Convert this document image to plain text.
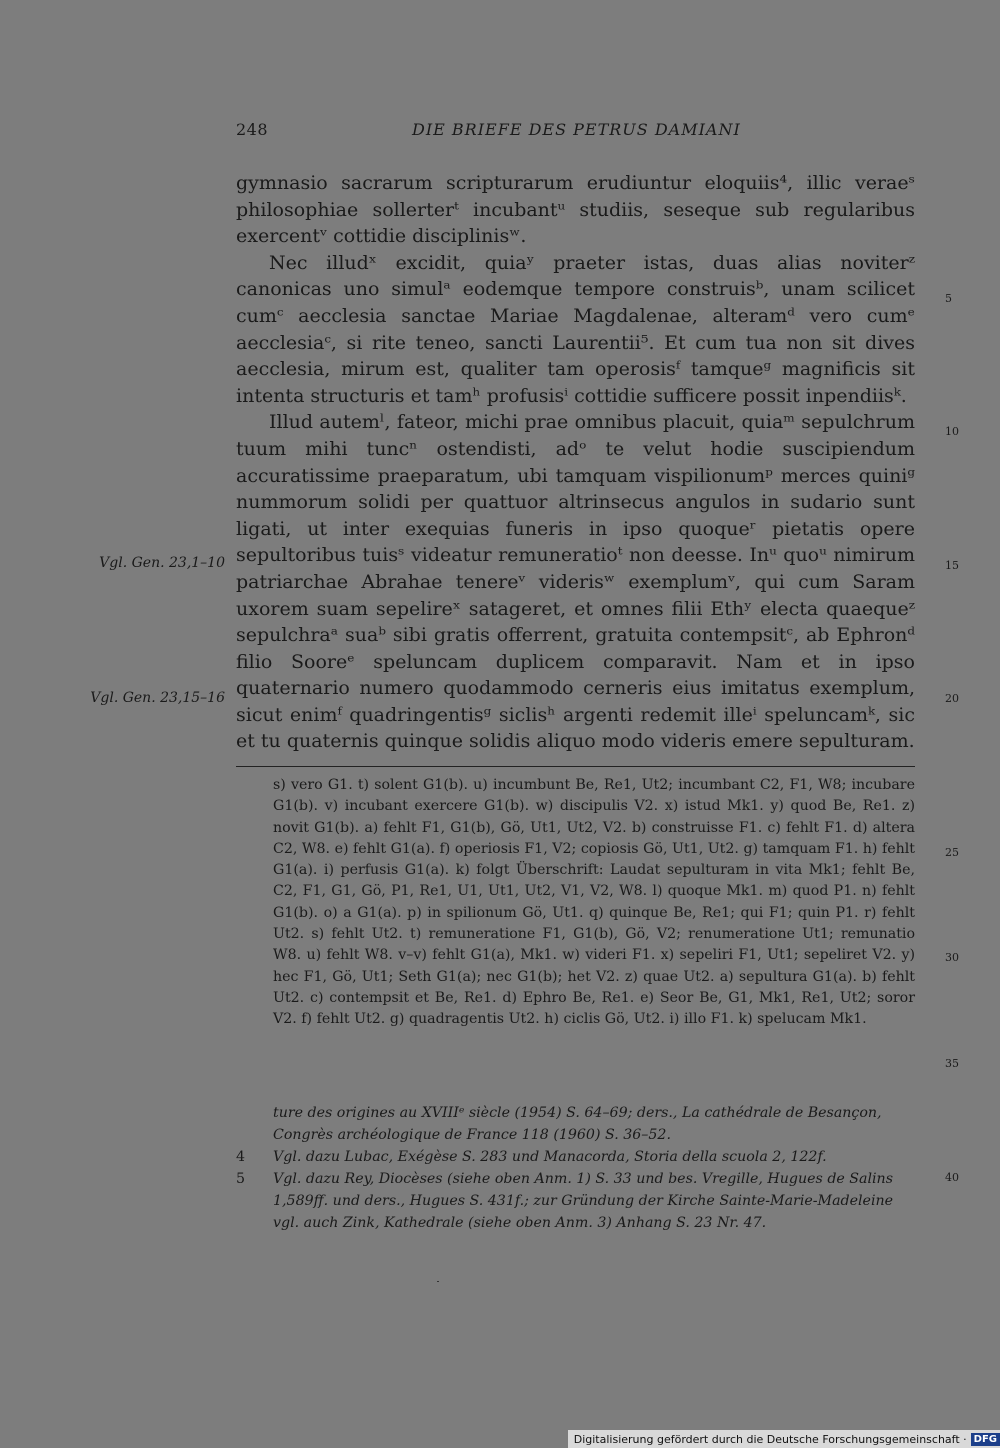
248	DIE BRIEFE DES PETRUS DAMIANI

gymnasio sacrarum scripturarum erudiuntur eloquiis⁴, illic veraeˢ philosophiae sollerterᵗ incubantᵘ studiis, seseque sub regularibus exercentᵛ cottidie disciplinisʷ.

Nec illudˣ excidit, quiaʸ praeter istas, duas alias noviterᶻ canonicas uno simulᵃ eodemque tempore construisᵇ, unam scilicet cumᶜ aecclesia sanctae Mariae Magdalenae, alteramᵈ vero cumᵉ aecclesiaᶜ, si rite teneo, sancti Laurentii⁵. Et cum tua non sit dives aecclesia, mirum est, qualiter tam operosisᶠ tamqueᵍ magnificis sit intenta structuris et tamʰ profusisⁱ cottidie sufficere possit inpendiisᵏ.

Illud autemˡ, fateor, michi prae omnibus placuit, quiaᵐ sepulchrum tuum mihi tuncⁿ ostendisti, adᵒ te velut hodie suscipiendum accuratissime praeparatum, ubi tamquam vispilionumᵖ merces quiniᵍ nummorum solidi per quattuor altrinsecus angulos in sudario sunt ligati, ut inter exequias funeris in ipso quoqueʳ pietatis opere sepultoribus tuisˢ videatur remuneratioᵗ non deesse. Inᵘ quoᵘ nimirum patriarchae Abrahae tenereᵛ viderisʷ exemplumᵛ, qui cum Saram uxorem suam sepelireˣ satageret, et omnes filii Ethʸ electa quaequeᶻ sepulchraᵃ suaᵇ sibi gratis offerrent, gratuita contempsitᶜ, ab Ephronᵈ filio Sooreᵉ speluncam duplicem comparavit. Nam et in ipso quaternario numero quodammodo cerneris eius imitatus exemplum, sicut enimᶠ quadringentisᵍ siclisʰ argenti redemit illeⁱ speluncamᵏ, sic et tu quaternis quinque solidis aliquo modo videris emere sepulturam.

Vgl. Gen. 23,1–10
Vgl. Gen. 23,15–16
5
10
15
20
s) vero G1. t) solent G1(b). u) incumbunt Be, Re1, Ut2; incumbant C2, F1, W8; incubare G1(b). v) incubant exercere G1(b). w) discipulis V2. x) istud Mk1. y) quod Be, Re1. z) novit G1(b). a) fehlt F1, G1(b), Gö, Ut1, Ut2, V2. b) construisse F1. c) fehlt F1. d) altera C2, W8. e) fehlt G1(a). f) operiosis F1, V2; copiosis Gö, Ut1, Ut2. g) tamquam F1. h) fehlt G1(a). i) perfusis G1(a). k) folgt Überschrift: Laudat sepulturam in vita Mk1; fehlt Be, C2, F1, G1, Gö, P1, Re1, U1, Ut1, Ut2, V1, V2, W8. l) quoque Mk1. m) quod P1. n) fehlt G1(b). o) a G1(a). p) in spilionum Gö, Ut1. q) quinque Be, Re1; qui F1; quin P1. r) fehlt Ut2. s) fehlt Ut2. t) remuneratione F1, G1(b), Gö, V2; renumeratione Ut1; remunatio W8. u) fehlt W8. v–v) fehlt G1(a), Mk1. w) videri F1. x) sepeliri F1, Ut1; sepeliret V2. y) hec F1, Gö, Ut1; Seth G1(a); nec G1(b); het V2. z) quae Ut2. a) sepultura G1(a). b) fehlt Ut2. c) contempsit et Be, Re1. d) Ephro Be, Re1. e) Seor Be, G1, Mk1, Re1, Ut2; soror V2. f) fehlt Ut2. g) quadragentis Ut2. h) ciclis Gö, Ut2. i) illo F1. k) spelucam Mk1.
25
30
35
ture des origines au XVIIIᵉ siècle (1954) S. 64–69; ders., La cathédrale de Besançon, Congrès archéologique de France 118 (1960) S. 36–52.
4	Vgl. dazu Lubac, Exégèse S. 283 und Manacorda, Storia della scuola 2, 122f.
5	Vgl. dazu Rey, Diocèses (siehe oben Anm. 1) S. 33 und bes. Vregille, Hugues de Salins 1,589ff. und ders., Hugues S. 431f.; zur Gründung der Kirche Sainte-Marie-Madeleine vgl. auch Zink, Kathedrale (siehe oben Anm. 3) Anhang S. 23 Nr. 47.
40
Digitalisierung gefördert durch die Deutsche Forschungsgemeinschaft · DFG
